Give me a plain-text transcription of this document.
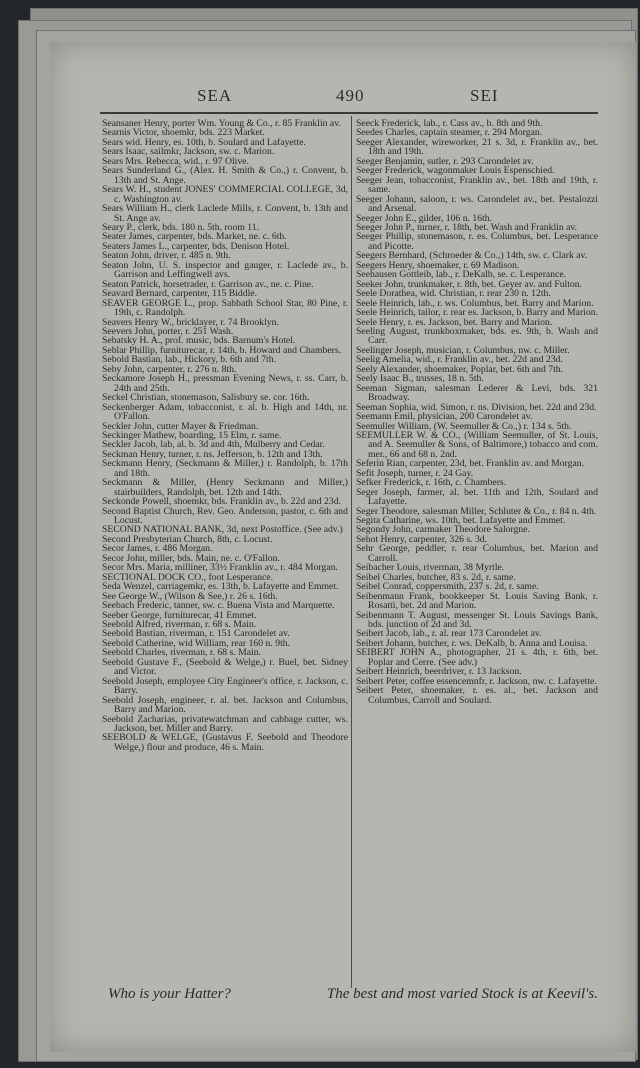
SEA	490	SEI
Seansaner Henry, porter Wm. Young & Co., r. 85 Franklin av.
Searnis Victor, shoemkr, bds. 223 Market.
Sears wid. Henry, es. 10th, b. Soulard and Lafayette.
Sears Isaac, sailmkr, Jackson, sw. c. Marion.
Sears Mrs. Rebecca, wid., r. 97 Olive.
Sears Sunderland G., (Alex. H. Smith & Co.,) r. Convent, b. 13th and St. Ange.
Sears W. H., student JONES' COMMERCIAL COLLEGE, 3d, c. Washington av.
Sears William H., clerk Laclede Mills, r. Convent, b. 13th and St. Ange av.
Seary P., clerk, bds. 180 n. 5th, room 11.
Seater James, carpenter, bds. Market, ne. c. 6th.
Seaters James L., carpenter, bds. Denison Hotel.
Seaton John, driver, r. 485 n. 9th.
Seaton John, U. S. inspector and gauger, r. Laclede av., b. Garrison and Leffingwell avs.
Seaton Patrick, horsetrader, r. Garrison av., ne. c. Pine.
Seavard Bernard, carpenter, 115 Biddle.
SEAVER GEORGE L., prop. Sabbath School Star, 80 Pine, r. 19th, c. Randolph.
Seavers Henry W., bricklayer, r. 74 Brooklyn.
Seevers John, porter, r. 251 Wash.
Sebatsky H. A., prof. music, bds. Barnum's Hotel.
Seblar Phillip, furniturecar, r. 14th, b. Howard and Chambers.
Sebold Bastian, lab., Hickory, b. 6th and 7th.
Seby John, carpenter, r. 276 n. 8th.
Seckamore Joseph H., pressman Evening News, r. ss. Carr, b. 24th and 25th.
Seckel Christian, stonemason, Salisbury se. cor. 16th.
Seckenberger Adam, tobacconist, r. al. b. High and 14th, nr. O'Fallon.
Seckler John, cutter Mayer & Friedman.
Seckinger Mathew, boarding, 15 Elm, r. same.
Seckler Jacob, lab, al. b. 3d and 4th, Mulberry and Cedar.
Seckman Henry, turner, r. ns. Jefferson, b. 12th and 13th.
Seckmann Henry, (Seckmann & Miller,) r. Randolph, b. 17th and 18th.
Seckmann & Miller, (Henry Seckmann and Miller,) stairbuilders, Randolph, bet. 12th and 14th.
Seckonde Powell, shoemkr, bds. Franklin av., b. 22d and 23d.
Second Baptist Church, Rev. Geo. Anderson, pastor, c. 6th and Locust.
SECOND NATIONAL BANK, 3d, next Postoffice. (See adv.)
Second Presbyterian Church, 8th, c. Locust.
Secor James, r. 486 Morgan.
Secor John, miller, bds. Main, ne. c. O'Fallon.
Secor Mrs. Maria, milliner, 33½ Franklin av., r. 484 Morgan.
SECTIONAL DOCK CO., foot Lesperance.
Seda Wenzel, carriagemkr, es. 13th, b. Lafayette and Emmet.
See George W., (Wilson & See,) r. 26 s. 16th.
Seebach Frederic, tanner, sw. c. Buena Vista and Marquette.
Seeber George, furniturecar, 41 Emmet.
Seebold Alfred, riverman, r. 68 s. Main.
Seebold Bastian, riverman, r. 151 Carondelet av.
Seebold Catherine, wid William, rear 160 n. 9th.
Seebold Charles, riverman, r. 68 s. Main.
Seebold Gustave F., (Seebold & Welge,) r. Buel, bet. Sidney and Victor.
Seebold Joseph, employee City Engineer's office, r. Jackson, c. Barry.
Seebold Joseph, engineer, r. al. bet. Jackson and Columbus, Barry and Marion.
Seebold Zacharias, privatewatchman and cabbage cutter, ws. Jackson, bet. Miller and Barry.
SEEBOLD & WELGE, (Gustavus F. Seebold and Theodore Welge,) flour and produce, 46 s. Main.
Seeck Frederick, lab., r. Cass av., b. 8th and 9th.
Seedes Charles, captain steamer, r. 294 Morgan.
Seeger Alexander, wireworker, 21 s. 3d, r. Franklin av., bet. 18th and 19th.
Seeger Benjamin, sutler, r. 293 Carondelet av.
Seeger Frederick, wagonmaker Louis Espenschied.
Seeger Jean, tobacconist, Franklin av., bet. 18th and 19th, r. same.
Seeger Johann, saloon, r. ws. Carondelet av., bet. Pestalozzi and Arsenal.
Seeger John E., gilder, 106 n. 16th.
Seeger John P., turner, r. 18th, bet. Wash and Franklin av.
Seeger Phillip, stonemason, r. es. Columbus, bet. Lesperance and Picotte.
Seegers Bernhard, (Schroeder & Co.,) 14th, sw. c. Clark av.
Seegers Henry, shoemaker, r. 69 Madison.
Seehausen Gottleib, lab., r. DeKalb, se. c. Lesperance.
Seeker John, trunkmaker, r. 8th, bet. Geyer av. and Fulton.
Seele Dorathea, wid. Christian, r. rear 230 n. 12th.
Seele Heinrich, lab., r. ws. Columbus, bet. Barry and Marion.
Seele Heinrich, tailor, r. rear es. Jackson, b. Barry and Marion.
Seele Henry, r. es. Jackson, bet. Barry and Marion.
Seeling August, trunkboxmaker, bds. es. 9th, b. Wash and Carr.
Seelinger Joseph, musician, r. Columbus, nw. c. Miller.
Seelig Amelia, wid., r. Franklin av., bet. 22d and 23d.
Seely Alexander, shoemaker, Poplar, bet. 6th and 7th.
Seely Isaac B., trusses, 18 n. 5th.
Seeman Sigman, salesman Lederer & Levi, bds. 321 Broadway.
Seeman Sophia, wid. Simon, r. ns. Division, bet. 22d and 23d.
Seemann Emil, physician, 200 Carondelet av.
Seemuller William, (W. Seemuller & Co.,) r. 134 s. 5th.
SEEMULLER W. & CO., (William Seemuller, of St. Louis, and A. Seemuller & Sons, of Baltimore,) tobacco and com. mer., 66 and 68 n. 2nd.
Seferin Rian, carpenter, 23d, bet. Franklin av. and Morgan.
Sefit Joseph, turner, r. 24 Gay.
Sefker Frederick, r. 16th, c. Chambers.
Seger Joseph, farmer, al. bet. 11th and 12th, Soulard and Lafayette.
Seger Theodore, salesman Miller, Schluter & Co., r. 84 n. 4th.
Segita Catharine, ws. 10th, bet. Lafayette and Emmet.
Segondy John, carmaker Theodore Salorgne.
Sehot Henry, carpenter, 326 s. 3d.
Sehr George, peddler, r. rear Columbus, bet. Marion and Carroll.
Seibacher Louis, riverman, 38 Myrtle.
Seibel Charles, butcher, 83 s. 2d, r. same.
Seibel Conrad, coppersmith, 237 s. 2d, r. same.
Seibenmann Frank, bookkeeper St. Louis Saving Bank, r. Rosatti, bet. 2d and Marion.
Seibenmann T. August, messenger St. Louis Savings Bank, bds. junction of 2d and 3d.
Seibert Jacob, lab., r. al. rear 173 Carondelet av.
Seibert Johann, butcher, r. ws. DeKalb, b. Anna and Louisa.
SEIBERT JOHN A., photographer, 21 s. 4th, r. 6th, bet. Poplar and Cerre. (See adv.)
Seibert Heinrich, beerdriver, r. 13 Jackson.
Seibert Peter, coffee essencemnfr, r. Jackson, nw. c. Lafayette.
Seibert Peter, shoemaker, r. es. al., bet. Jackson and Columbus, Carroll and Soulard.
Who is your Hatter?	The best and most varied Stock is at Keevil's.
